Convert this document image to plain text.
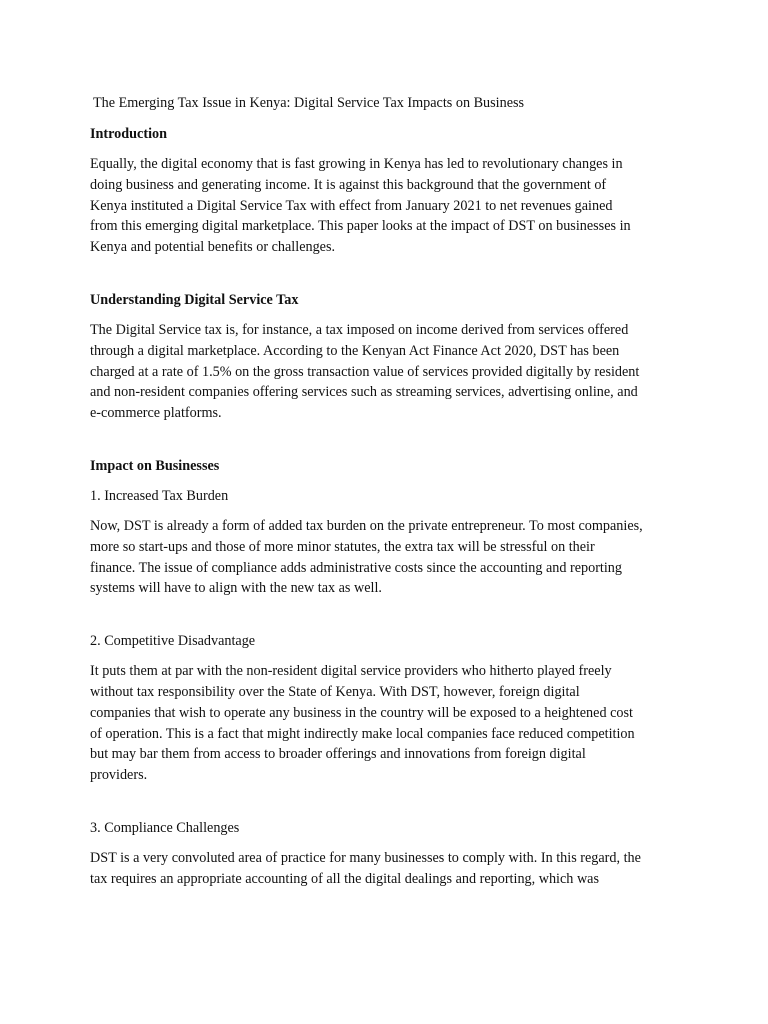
The Emerging Tax Issue in Kenya: Digital Service Tax Impacts on Business
Introduction

Equally, the digital economy that is fast growing in Kenya has led to revolutionary changes in
doing business and generating income. It is against this background that the government of
Kenya instituted a Digital Service Tax with effect from January 2021 to net revenues gained
from this emerging digital marketplace. This paper looks at the impact of DST on businesses in
Kenya and potential benefits or challenges.

Understanding Digital Service Tax

The Digital Service tax is, for instance, a tax imposed on income derived from services offered
through a digital marketplace. According to the Kenyan Act Finance Act 2020, DST has been
charged at a rate of 1.5% on the gross transaction value of services provided digitally by resident
and non-resident companies offering services such as streaming services, advertising online, and
e-commerce platforms.

Impact on Businesses
1. Increased Tax Burden

Now, DST is already a form of added tax burden on the private entrepreneur. To most companies,
more so start-ups and those of more minor statutes, the extra tax will be stressful on their
finance. The issue of compliance adds administrative costs since the accounting and reporting
systems will have to align with the new tax as well.

2. Competitive Disadvantage

It puts them at par with the non-resident digital service providers who hitherto played freely
without tax responsibility over the State of Kenya. With DST, however, foreign digital
companies that wish to operate any business in the country will be exposed to a heightened cost
of operation. This is a fact that might indirectly make local companies face reduced competition
but may bar them from access to broader offerings and innovations from foreign digital
providers.

3. Compliance Challenges

DST is a very convoluted area of practice for many businesses to comply with. In this regard, the
tax requires an appropriate accounting of all the digital dealings and reporting, which was
